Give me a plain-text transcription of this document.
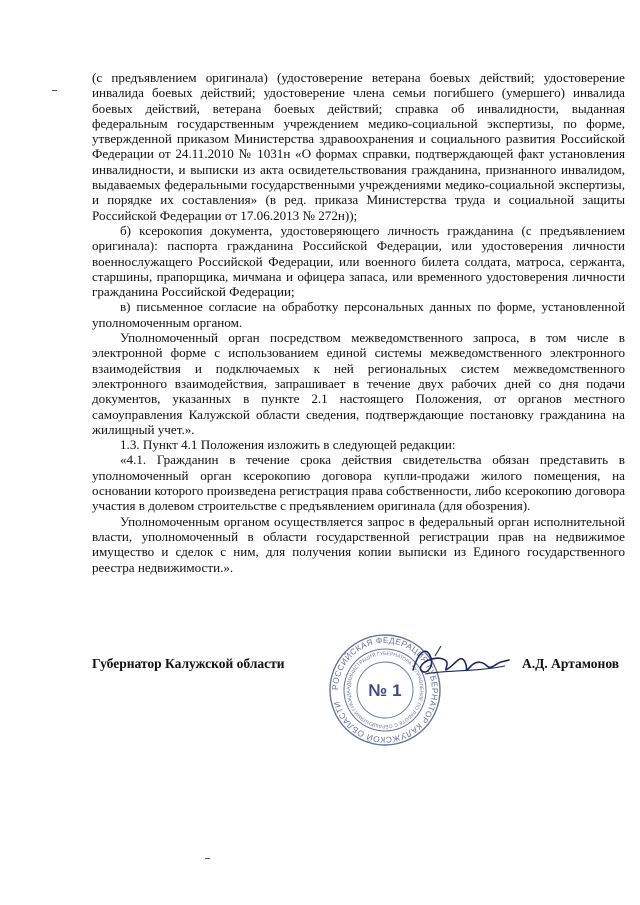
(с предъявлением оригинала) (удостоверение ветерана боевых действий; удостоверение инвалида боевых действий; удостоверение члена семьи погибшего (умершего) инвалида боевых действий, ветерана боевых действий; справка об инвалидности, выданная федеральным государственным учреждением медико-социальной экспертизы, по форме, утвержденной приказом Министерства здравоохранения и социального развития Российской Федерации от 24.11.2010 № 1031н «О формах справки, подтверждающей факт установления инвалидности, и выписки из акта освидетельствования гражданина, признанного инвалидом, выдаваемых федеральными государственными учреждениями медико-социальной экспертизы, и порядке их составления» (в ред. приказа Министерства труда и социальной защиты Российской Федерации от 17.06.2013 № 272н));

б) ксерокопия документа, удостоверяющего личность гражданина (с предъявлением оригинала): паспорта гражданина Российской Федерации, или удостоверения личности военнослужащего Российской Федерации, или военного билета солдата, матроса, сержанта, старшины, прапорщика, мичмана и офицера запаса, или временного удостоверения личности гражданина Российской Федерации;

в) письменное согласие на обработку персональных данных по форме, установленной уполномоченным органом.

Уполномоченный орган посредством межведомственного запроса, в том числе в электронной форме с использованием единой системы межведомственного электронного взаимодействия и подключаемых к ней региональных систем межведомственного электронного взаимодействия, запрашивает в течение двух рабочих дней со дня подачи документов, указанных в пункте 2.1 настоящего Положения, от органов местного самоуправления Калужской области сведения, подтверждающие постановку гражданина на жилищный учет.».

1.3. Пункт 4.1 Положения изложить в следующей редакции:

«4.1. Гражданин в течение срока действия свидетельства обязан представить в уполномоченный орган ксерокопию договора купли-продажи жилого помещения, на основании которого произведена регистрация права собственности, либо ксерокопию договора участия в долевом строительстве с предъявлением оригинала (для обозрения).

Уполномоченным органом осуществляется запрос в федеральный орган исполнительной власти, уполномоченный в области государственной регистрации прав на недвижимое имущество и сделок с ним, для получения копии выписки из Единого государственного реестра недвижимости.».

Губернатор Калужской области	А.Д. Артамонов
РОССИЙСКАЯ ФЕДЕРАЦИЯ ГУБЕРНАТОР КАЛУЖСКОЙ ОБЛАСТИ
АДМИНИСТРАЦИЯ ГУБЕРНАТОРА • УПРАВЛЕНИЕ ПО РАБОТЕ С ОБРАЩЕНИЯМИ ГРАЖДА № 1
